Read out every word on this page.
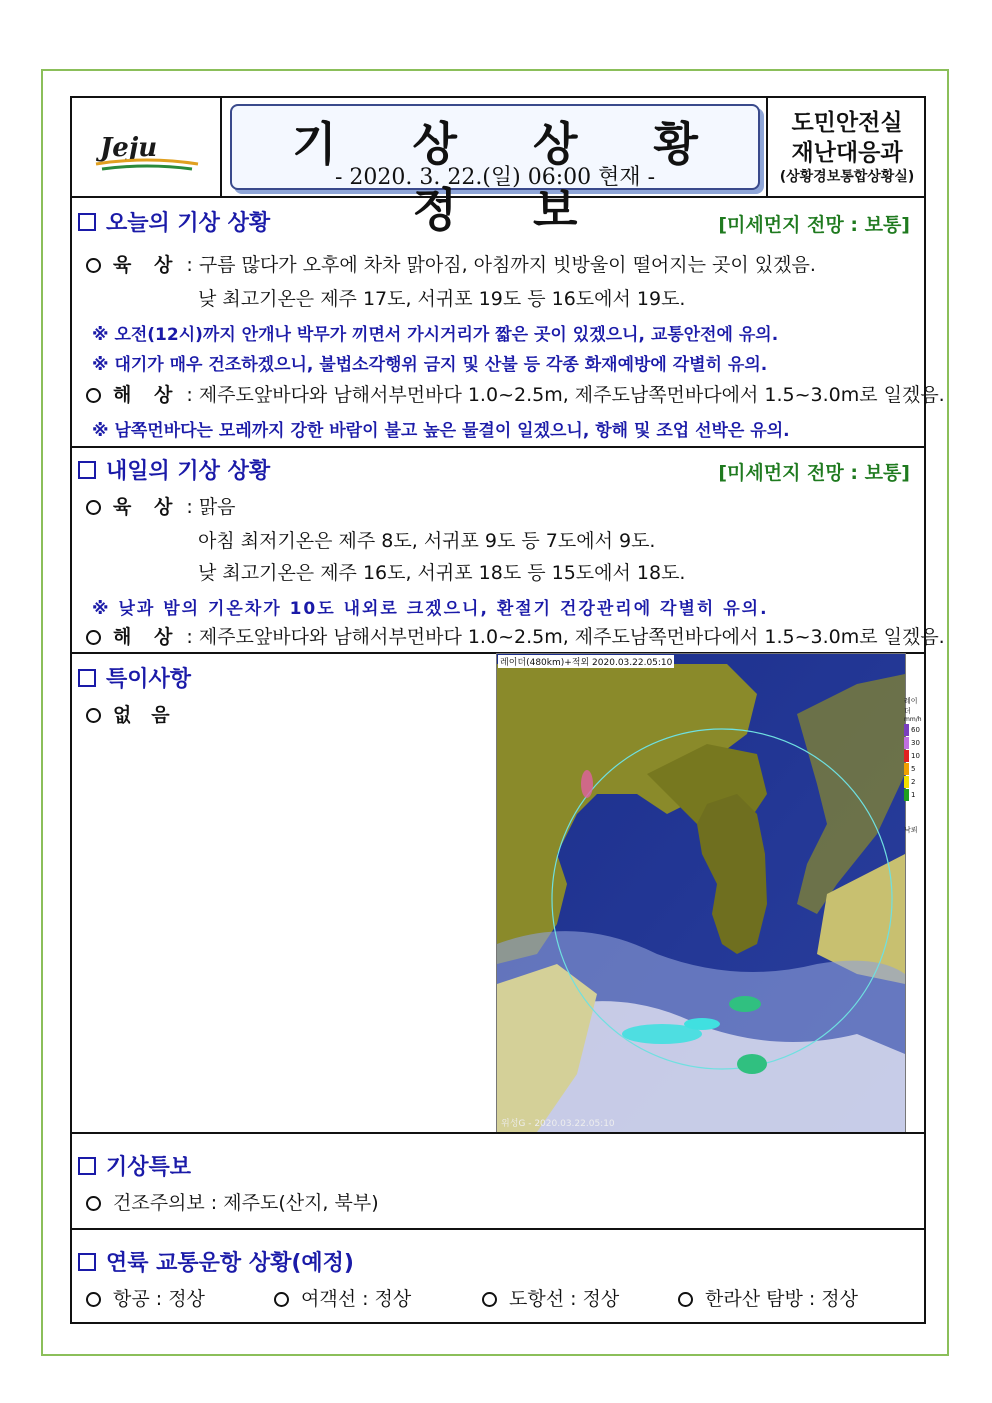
Jeju	기 상 상 황 정 보
- 2020. 3. 22.(일) 06:00 현재 -
도민안전실
재난대응과
(상황경보통합상황실)
오늘의 기상 상황	[미세먼지 전망 : 보통]
육 상 : 구름 많다가 오후에 차차 맑아짐, 아침까지 빗방울이 떨어지는 곳이 있겠음.
낮 최고기온은 제주 17도, 서귀포 19도 등 16도에서 19도.
※ 오전(12시)까지 안개나 박무가 끼면서 가시거리가 짧은 곳이 있겠으니, 교통안전에 유의.
※ 대기가 매우 건조하겠으니, 불법소각행위 금지 및 산불 등 각종 화재예방에 각별히 유의.
해 상 : 제주도앞바다와 남해서부먼바다 1.0~2.5m, 제주도남쪽먼바다에서 1.5~3.0m로 일겠음.
※ 남쪽먼바다는 모레까지 강한 바람이 불고 높은 물결이 일겠으니, 항해 및 조업 선박은 유의.
내일의 기상 상황	[미세먼지 전망 : 보통]
육 상 : 맑음
아침 최저기온은 제주 8도, 서귀포 9도 등 7도에서 9도.
낮 최고기온은 제주 16도, 서귀포 18도 등 15도에서 18도.
※ 낮과 밤의 기온차가 10도 내외로 크겠으니, 환절기 건강관리에 각별히 유의.
해 상 : 제주도앞바다와 남해서부먼바다 1.0~2.5m, 제주도남쪽먼바다에서 1.5~3.0m로 일겠음.
특이사항
없   음
위성G - 2020.03.22.05:10
레이더(480km)+적외 2020.03.22.05:10
레이더
mm/h
60
30
10
5
2
1
낙뢰
기상특보
건조주의보 : 제주도(산지, 북부)
연륙 교통운항 상황(예정)
항공 : 정상	여객선 : 정상	도항선 : 정상	한라산 탐방 : 정상
